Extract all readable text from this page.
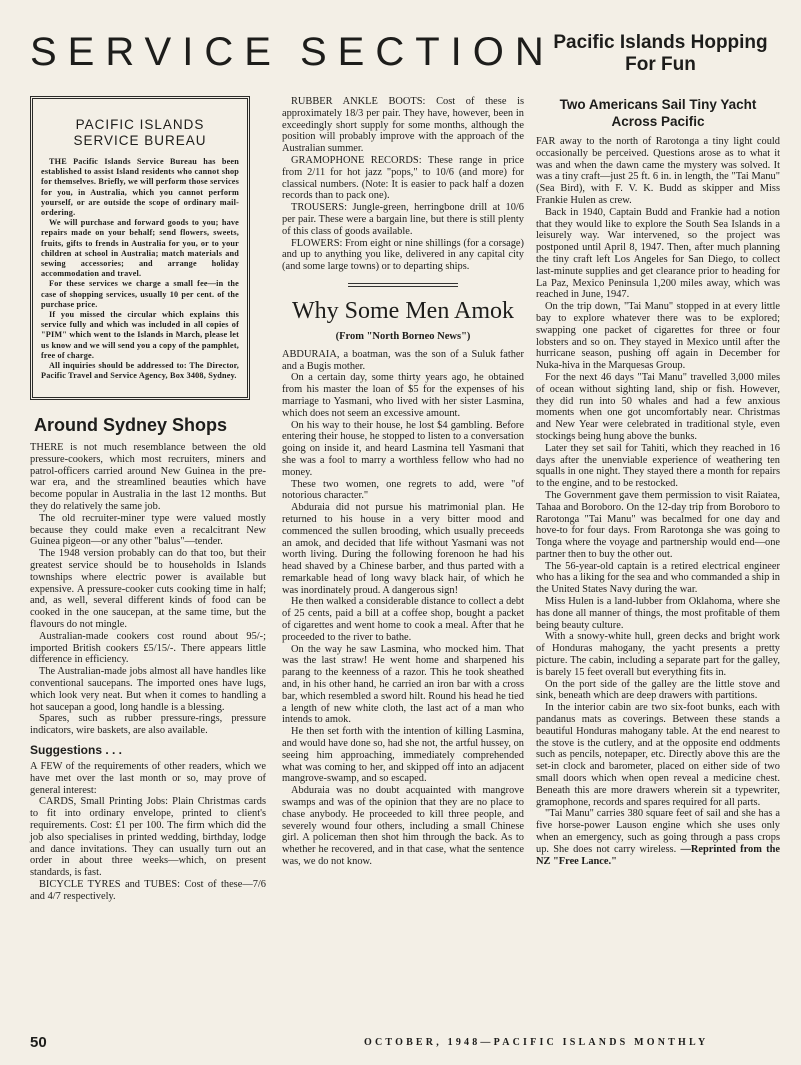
SERVICE SECTION
Pacific Islands Hopping For Fun
PACIFIC ISLANDS SERVICE BUREAU

THE Pacific Islands Service Bureau has been established to assist Island residents who cannot shop for themselves. Briefly, we will perform those services for you, in Australia, which you cannot perform yourself, or are outside the scope of ordinary mail-ordering.

We will purchase and forward goods to you; have repairs made on your behalf; send flowers, sweets, fruits, gifts to frends in Australia for you, or to your children at school in Australia; match materials and sewing accessories; and arrange holiday accommodation and travel.

For these services we charge a small fee—in the case of shopping services, usually 10 per cent. of the purchase price.

If you missed the circular which explains this service fully and which was included in all copies of "PIM" which went to the Islands in March, please let us know and we will send you a copy of the pamphlet, free of charge.

All inquiries should be addressed to: The Director, Pacific Travel and Service Agency, Box 3408, Sydney.

Around Sydney Shops

THERE is not much resemblance between the old pressure-cookers, which most recruiters, miners and patrol-officers carried around New Guinea in the pre-war era, and the streamlined beauties which have become popular in Australia in the last 12 months. But they do relatively the same job.

The old recruiter-miner type were valued mostly because they could make even a recalcitrant New Guinea pigeon—or any other "balus"—tender.

The 1948 version probably can do that too, but their greatest service should be to households in Islands townships where electric power is available but expensive. A pressure-cooker cuts cooking time in half; and, as well, several different kinds of food can be cooked in the one saucepan, at the same time, but the flavours do not mingle.

Australian-made cookers cost round about 95/-; imported British cookers £5/15/-. There appears little difference in efficiency.

The Australian-made jobs almost all have handles like conventional saucepans. The imported ones have lugs, which look very neat. But when it comes to handling a hot saucepan a good, long handle is a blessing.

Spares, such as rubber pressure-rings, pressure indicators, wire baskets, are also available.

Suggestions . . .

A FEW of the requirements of other readers, which we have met over the last month or so, may prove of general interest:

CARDS, Small Printing Jobs: Plain Christmas cards to fit into ordinary envelope, printed to client's requirements. Cost: £1 per 100. The firm which did the job also specialises in printed wedding, birthday, lodge and dance invitations. They can usually turn out an order in about three weeks—which, on present standards, is fast.

BICYCLE TYRES and TUBES: Cost of these—7/6 and 4/7 respectively.

RUBBER ANKLE BOOTS: Cost of these is approximately 18/3 per pair. They have, however, been in exceedingly short supply for some months, although the position will probably improve with the approach of the Australian summer.

GRAMOPHONE RECORDS: These range in price from 2/11 for hot jazz "pops," to 10/6 (and more) for classical numbers. (Note: It is easier to pack half a dozen records than to pack one).

TROUSERS: Jungle-green, herringbone drill at 10/6 per pair. These were a bargain line, but there is still plenty of this class of goods available.

FLOWERS: From eight or nine shillings (for a corsage) and up to anything you like, delivered in any capital city (and some large towns) or to departing ships.

Why Some Men Amok
(From "North Borneo News")

ABDURAIA, a boatman, was the son of a Suluk father and a Bugis mother.

On a certain day, some thirty years ago, he obtained from his master the loan of $5 for the expenses of his marriage to Yasmani, who lived with her sister Lasmina, which does not seem an excessive amount.

On his way to their house, he lost $4 gambling. Before entering their house, he stopped to listen to a conversation going on inside it, and heard Lasmina tell Yasmani that she was a fool to marry a worthless fellow who had no money.

These two women, one regrets to add, were "of notorious character."

Abduraia did not pursue his matrimonial plan. He returned to his house in a very bitter mood and commenced the sullen brooding, which usually preceeds an amok, and decided that life without Yasmani was not worth living. During the following forenoon he had his head shaved by a Chinese barber, and thus parted with a remarkable head of long wavy black hair, of which he was inordinately proud. A dangerous sign!

He then walked a considerable distance to collect a debt of 25 cents, paid a bill at a coffee shop, bought a packet of cigarettes and went home to cook a meal. After that he proceeded to the river to bathe.

On the way he saw Lasmina, who mocked him. That was the last straw! He went home and sharpened his parang to the keenness of a razor. This he took sheathed and, in his other hand, he carried an iron bar with a cross bar, which resembled a sword hilt. Round his head he tied a length of new white cloth, the last act of a man who intends to amok.

He then set forth with the intention of killing Lasmina, and would have done so, had she not, the artful hussey, on seeing him approaching, immediately comprehended what was coming to her, and skipped off into an adjacent mangrove-swamp, and so escaped.

Abduraia was no doubt acquainted with mangrove swamps and was of the opinion that they are no place to chase anybody. He proceeded to kill three people, and severely wound four others, including a small Chinese girl. A policeman then shot him through the back. As to whether he recovered, and in that case, what the sentence was, we do not know.

Two Americans Sail Tiny Yacht Across Pacific

FAR away to the north of Rarotonga a tiny light could occasionally be perceived. Questions arose as to what it was and when the dawn came the mystery was solved. It was a tiny craft—just 25 ft. 6 in. in length, the "Tai Manu" (Sea Bird), with F. V. K. Budd as skipper and Miss Frankie Hulen as crew.

Back in 1940, Captain Budd and Frankie had a notion that they would like to explore the South Sea Islands in a leisurely way. War intervened, so the project was postponed until April 8, 1947. Then, after much planning the tiny craft left Los Angeles for San Diego, to collect last-minute supplies and get clearance prior to heading for La Paz, Mexico Peninsula 1,200 miles away, which was reached in June, 1947.

On the trip down, "Tai Manu" stopped in at every little bay to explore whatever there was to be explored; swapping one packet of cigarettes for three or four lobsters and so on. They stayed in Mexico until after the hurricane season, pushing off again in December for Nuka-hiva in the Marquesas Group.

For the next 46 days "Tai Manu" travelled 3,000 miles of ocean without sighting land, ship or fish. However, they did run into 50 whales and had a few anxious moments when one got uncomfortably near. Christmas and New Year were celebrated in traditional style, even stockings being hung above the bunks.

Later they set sail for Tahiti, which they reached in 16 days after the unenviable experience of weathering ten squalls in one night. They stayed there a month for repairs to the engine, and to be restocked.

The Government gave them permission to visit Raiatea, Tahaa and Boroboro. On the 12-day trip from Boroboro to Rarotonga "Tai Manu" was becalmed for one day and hove-to for four days. From Rarotonga she was going to Tonga where the voyage and partnership would end—one partner then to buy the other out.

The 56-year-old captain is a retired electrical engineer who has a liking for the sea and who commanded a ship in the United States Navy during the war.

Miss Hulen is a land-lubber from Oklahoma, where she has done all manner of things, the most profitable of them being beauty culture.

With a snowy-white hull, green decks and bright work of Honduras mahogany, the yacht presents a pretty picture. The cabin, including a separate part for the galley, is barely 15 feet overall but everything fits in.

On the port side of the galley are the little stove and sink, beneath which are deep drawers with partitions.

In the interior cabin are two six-foot bunks, each with pandanus mats as coverings. Between these stands a beautiful Honduras mahogany table. At the end nearest to the stove is the cutlery, and at the opposite end oddments such as pencils, notepaper, etc. Directly above this are the set-in clock and barometer, placed on either side of two small doors which when open reveal a medicine chest. Beneath this are more drawers wherein sit a typewriter, gramophone, records and spares required for all parts.

"Tai Manu" carries 380 square feet of sail and she has a five horse-power Lauson engine which she uses only when an emergency, such as going through a pass crops up. She does not carry wireless. —Reprinted from the NZ "Free Lance."

50	OCTOBER, 1948—PACIFIC ISLANDS MONTHLY
